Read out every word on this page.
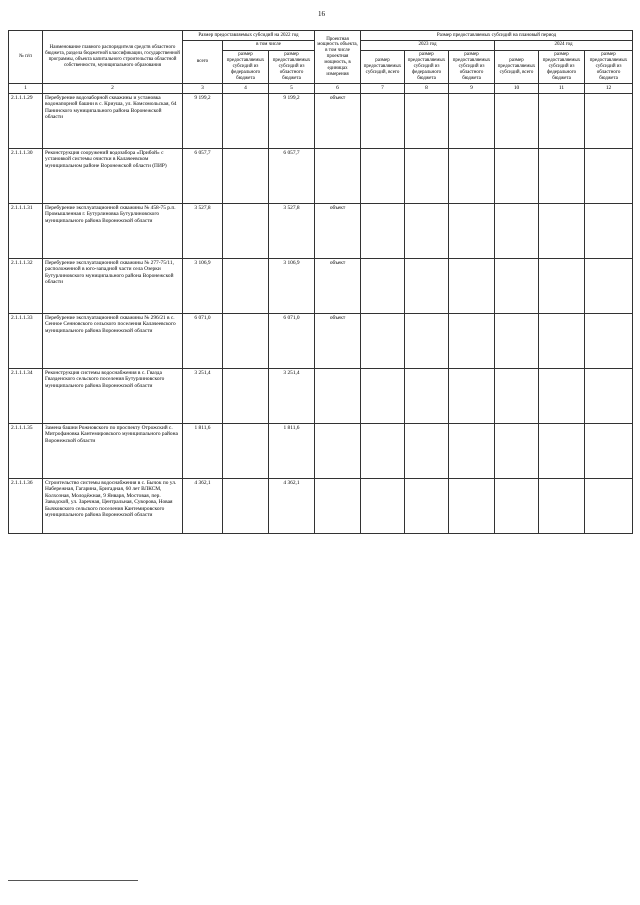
16
№ п/п	Наименование главного распорядителя средств областного бюджета, раздела бюджетной классификации, государственной программы, объекта капитального строительства областной собственности, муниципального образования	Размер предоставляемых субсидий на 2022 год			Проектная мощность объекта, в том числе проектная мощность, в единицах измерения	Размер предоставляемых субсидий на плановый период					
		всего	в том числе			2023 год			2024 год		
			размер предоставляемых субсидий из федерального бюджета	размер предоставляемых субсидий из областного бюджета		размер предоставляемых субсидий, всего	размер предоставляемых субсидий из федерального бюджета	размер предоставляемых субсидий из областного бюджета	размер предоставляемых субсидий, всего	размер предоставляемых субсидий из федерального бюджета	размер предоставляемых субсидий из областного бюджета
1	2	3	4	5	6	7	8	9	10	11	12
2.1.1.1.29	Перебурение водозаборной скважины и установка водонапорной башни в с. Криуша, ул. Комсомольская, 64 Панинского муниципального района Воронежской области	9 199,2		9 199,2	объект						
2.1.1.1.30	Реконструкция сооружений водозабора «Прибой» с установкой системы очистки в Калачеевском муниципальном районе Воронежской области (ПИР)	6 057,7		6 057,7							
2.1.1.1.31	Перебурение эксплуатационной скважины № 458-75 р.п. Промышленная г. Бутурлиновка Бутурлиновского муниципального района Воронежской области	3 527,8		3 527,8	объект						
2.1.1.1.32	Перебурение эксплуатационной скважины № 277-75/11, расположенной в юго-западной части села Озерки Бутурлиновского муниципального района Воронежской области	3 106,9		3 106,9	объект						
2.1.1.1.33	Перебурение эксплуатационной скважины № 296/21 в с. Сенное Сенновского сельского поселения Калачеевского муниципального района Воронежской области	6 071,0		6 071,0	объект						
2.1.1.1.34	Реконструкция системы водоснабжения в с. Гвазда Гвазденского сельского поселения Бутурлиновского муниципального района Воронежской области	3 251,4		3 251,4							
2.1.1.1.35	Замена башни Рожновского по проспекту Отрожский с. Митрофановка Кантемировского муниципального района Воронежской области	1 811,6		1 811,6							
2.1.1.1.36	Строительство системы водоснабжения в с. Бычок по ул. Набережная, Гагарина, Бригадная, 60 лет ВЛКСМ, Колхозная, Молодёжная, 9 Января, Мостовая, пер. Заводской, ул. Заречная, Центральная, Суворова, Новая Бычковского сельского поселения Кантемировского муниципального района Воронежской области	4 362,1		4 362,1							
